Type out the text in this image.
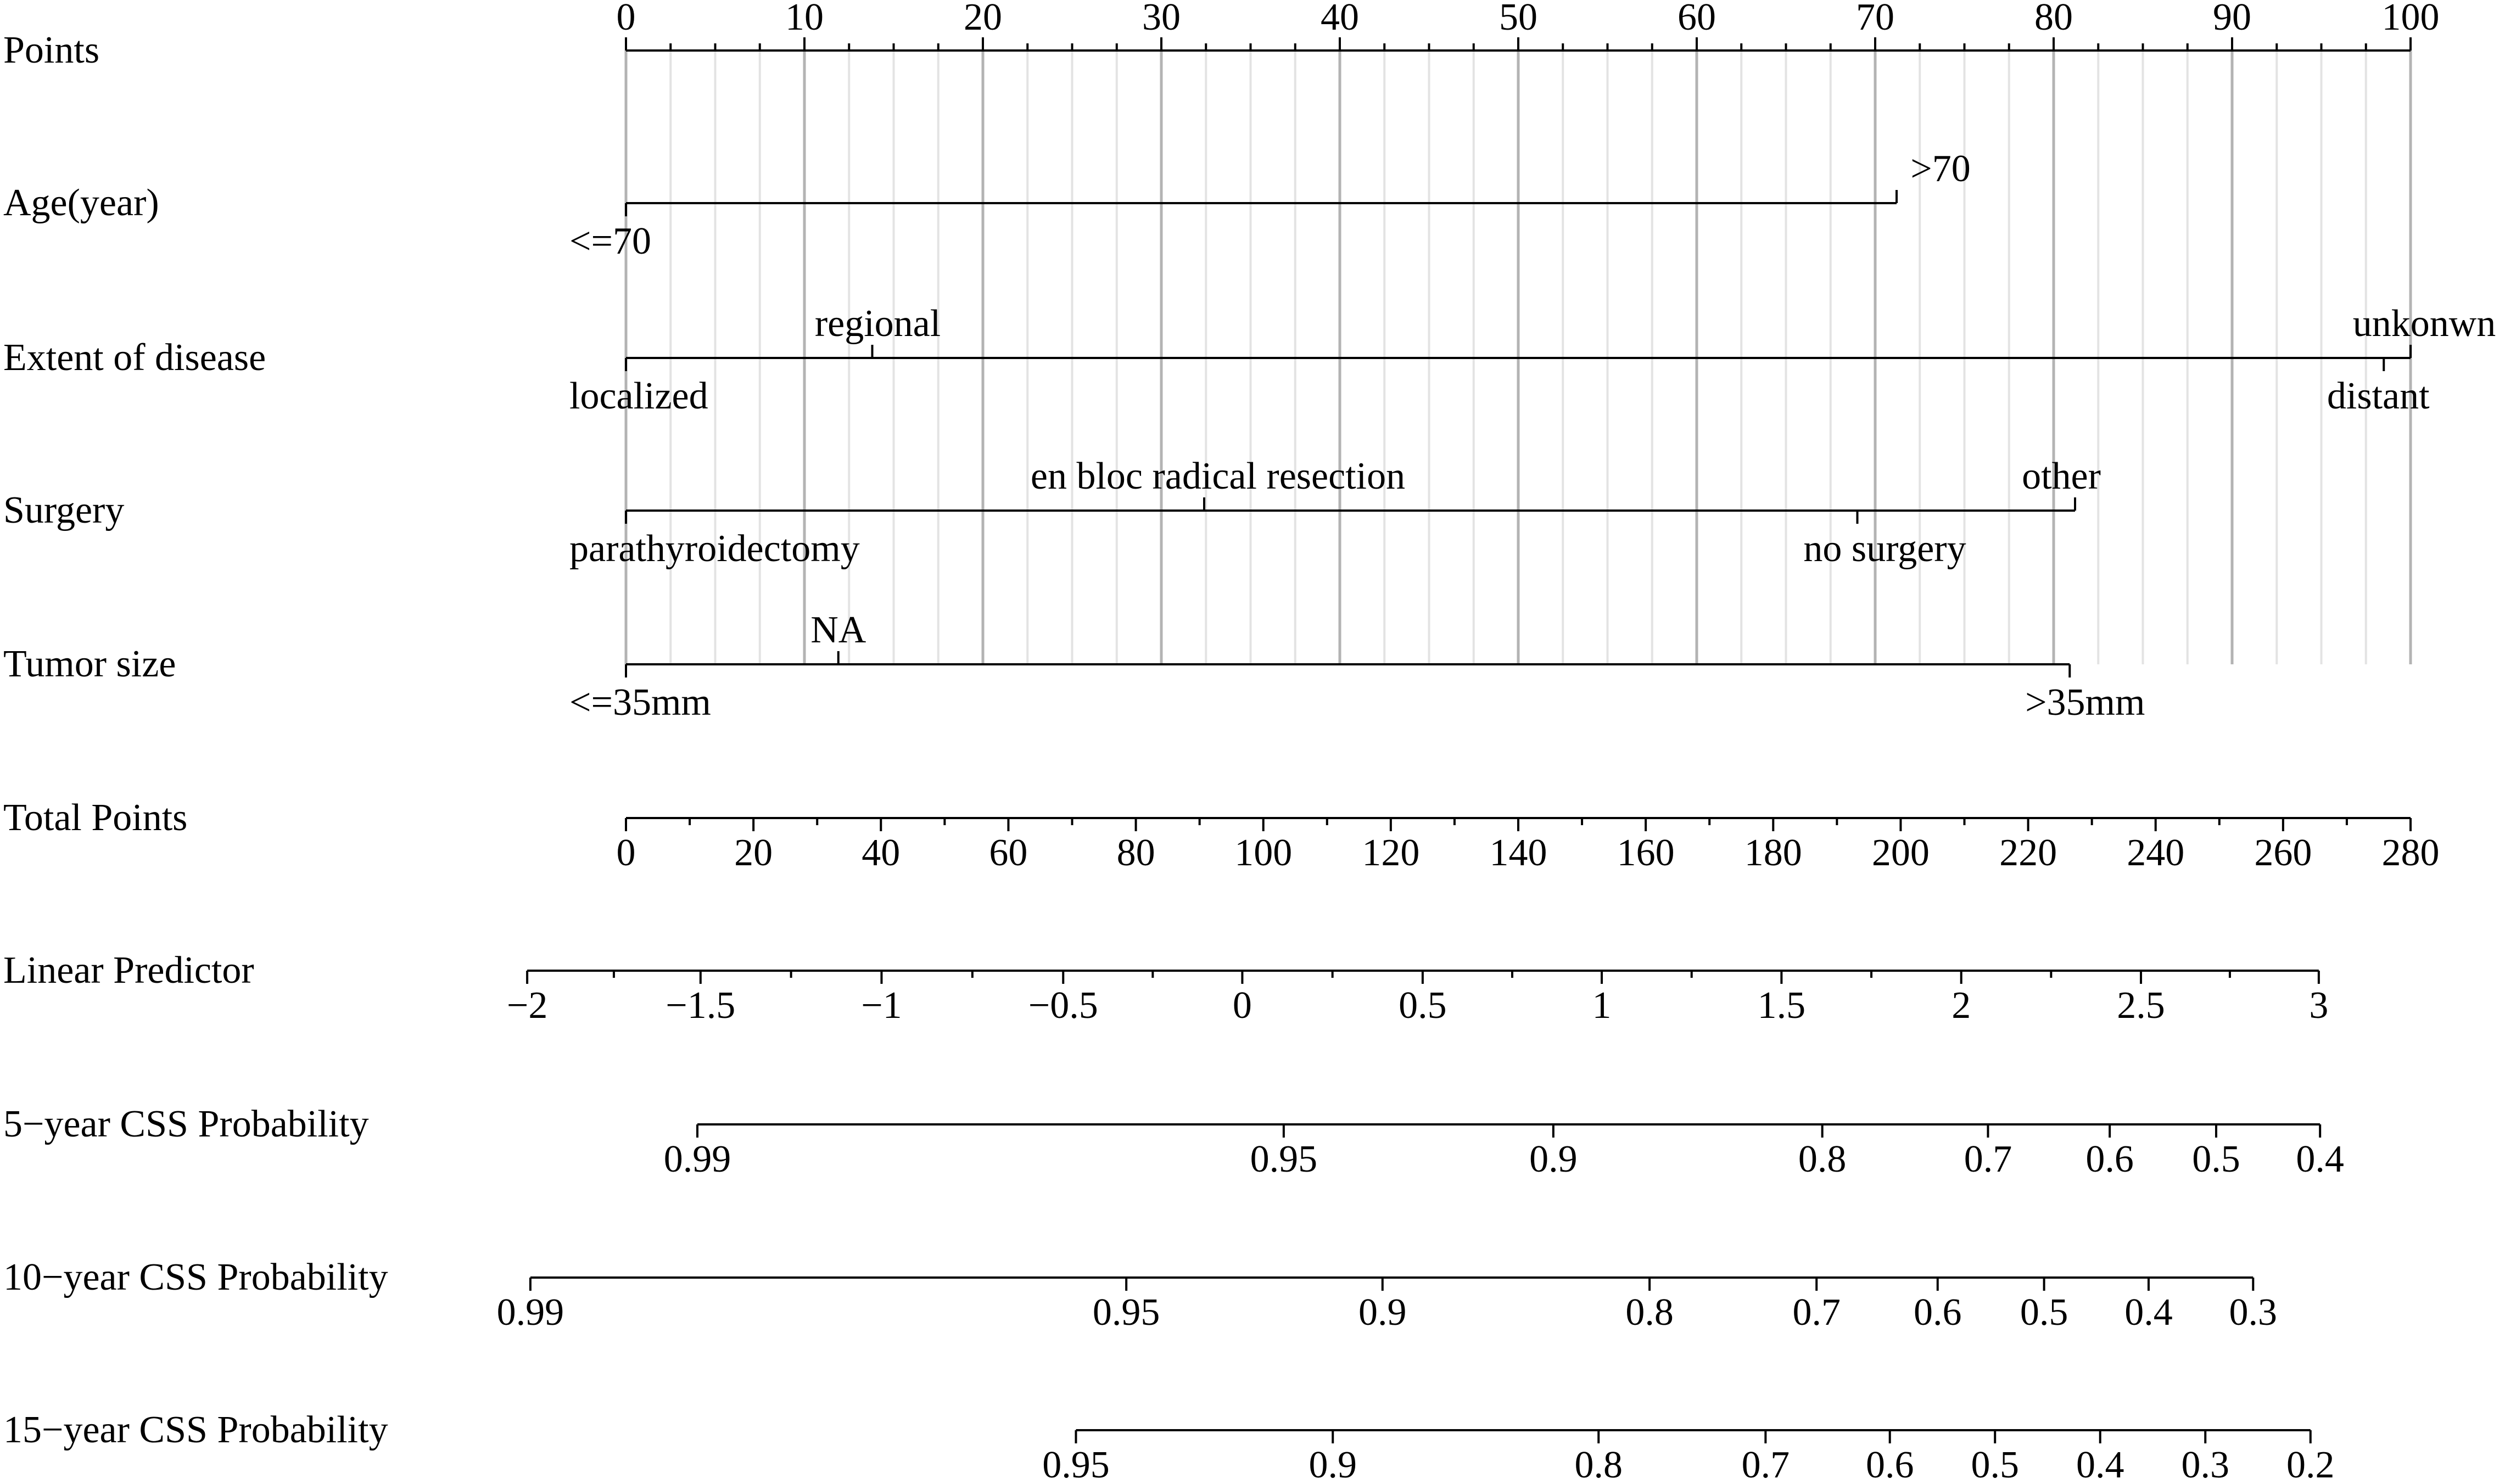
Points
0	10	20	30	40	50	60	70	80	90	100
Age(year)
<=70
>70
Extent of disease
localized
regional
distant
unkonwn
Surgery
parathyroidectomy
en bloc radical resection
no surgery
other
Tumor size
<=35mm
NA
>35mm
Total Points
0	20 40 60 80 100 120 140 160 180 200 220 240 260 280
Linear Predictor
−2	−1.5	−1	−0.5	0	0.5	1	1.5	2	2.5	3
5−year CSS Probability
0.99	0.95	0.9	0.8	0.7 0.6 0.5 0.4
10−year CSS Probability
0.99	0.95	0.9	0.8	0.7 0.6 0.5 0.4 0.3
15−year CSS Probability
0.95	0.9	0.8	0.7 0.6 0.5 0.4 0.3 0.2
